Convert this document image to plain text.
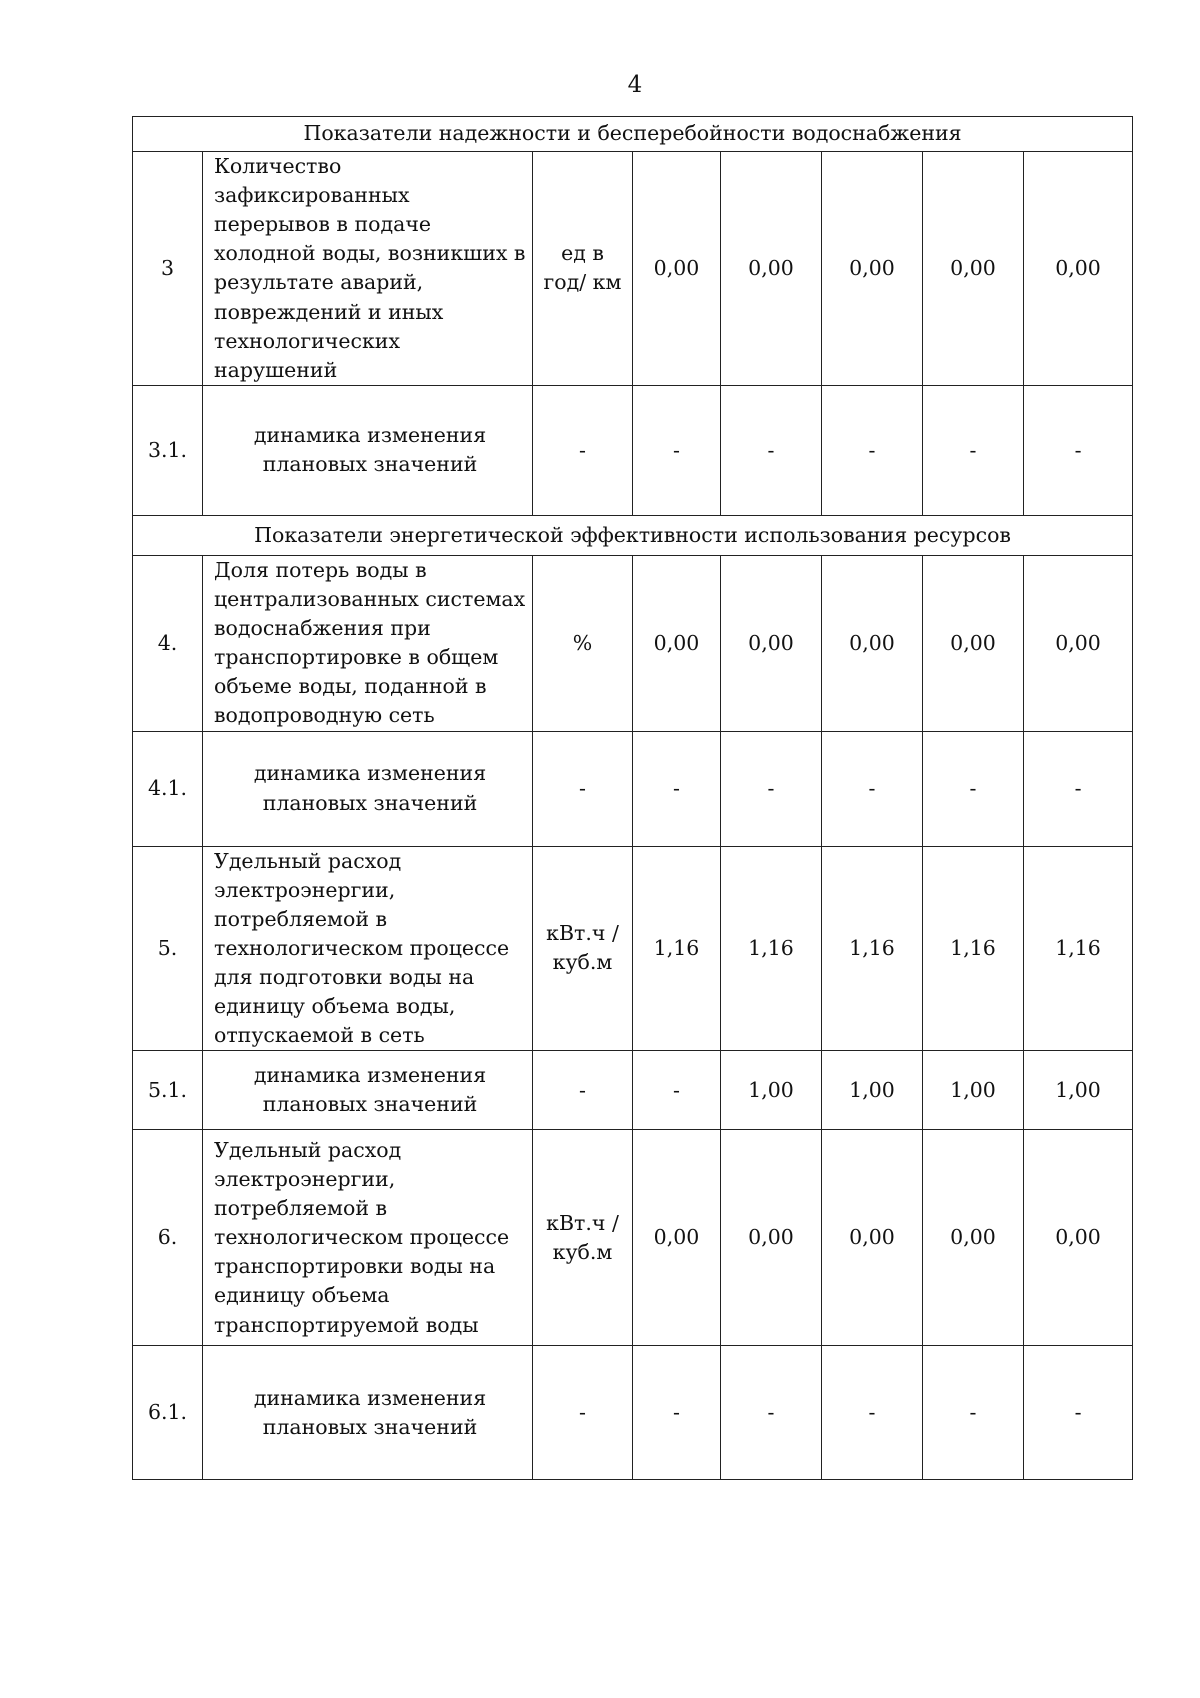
4
Показатели надежности и бесперебойности водоснабжения							
3	Количество зафиксированных перерывов в подаче холодной воды, возникших в результате аварий, повреждений и иных технологических нарушений	ед в год/ км	0,00	0,00	0,00	0,00	0,00
3.1.	динамика изменения плановых значений	-	-	-	-	-	-
Показатели энергетической эффективности использования ресурсов							
4.	Доля потерь воды в централизованных системах водоснабжения при транспортировке в общем объеме воды, поданной в водопроводную сеть	%	0,00	0,00	0,00	0,00	0,00
4.1.	динамика изменения плановых значений	-	-	-	-	-	-
5.	Удельный расход электроэнергии, потребляемой в технологическом процессе для подготовки воды на единицу объема воды, отпускаемой в сеть	кВт.ч / куб.м	1,16	1,16	1,16	1,16	1,16
5.1.	динамика изменения плановых значений	-	-	1,00	1,00	1,00	1,00
6.	Удельный расход электроэнергии, потребляемой в технологическом процессе транспортировки воды на единицу объема транспортируемой воды	кВт.ч / куб.м	0,00	0,00	0,00	0,00	0,00
6.1.	динамика изменения плановых значений	-	-	-	-	-	-
